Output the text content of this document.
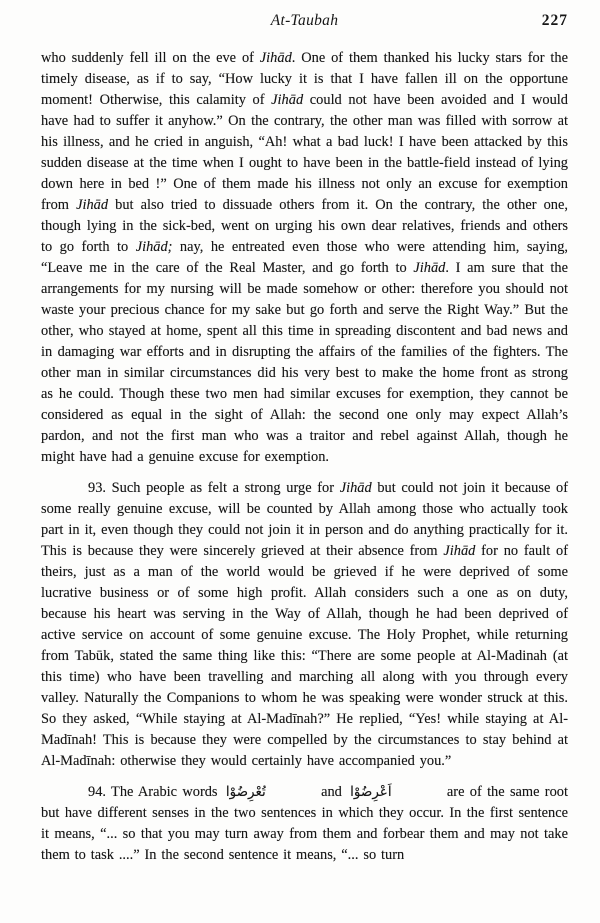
At-Taubah	227

who suddenly fell ill on the eve of Jihād. One of them thanked his lucky stars for the timely disease, as if to say, “How lucky it is that I have fallen ill on the opportune moment! Otherwise, this calamity of Jihād could not have been avoided and I would have had to suffer it anyhow.” On the contrary, the other man was filled with sorrow at his illness, and he cried in anguish, “Ah! what a bad luck! I have been attacked by this sudden disease at the time when I ought to have been in the battle-field instead of lying down here in bed !” One of them made his illness not only an excuse for exemption from Jihād but also tried to dissuade others from it. On the contrary, the other one, though lying in the sick-bed, went on urging his own dear relatives, friends and others to go forth to Jihād; nay, he entreated even those who were attending him, saying, “Leave me in the care of the Real Master, and go forth to Jihād. I am sure that the arrangements for my nursing will be made somehow or other: therefore you should not waste your precious chance for my sake but go forth and serve the Right Way.” But the other, who stayed at home, spent all this time in spreading discontent and bad news and in damaging war efforts and in disrupting the affairs of the families of the fighters. The other man in similar circumstances did his very best to make the home front as strong as he could. Though these two men had similar excuses for exemption, they cannot be considered as equal in the sight of Allah: the second one only may expect Allah’s pardon, and not the first man who was a traitor and rebel against Allah, though he might have had a genuine excuse for exemption.

93. Such people as felt a strong urge for Jihād but could not join it because of some really genuine excuse, will be counted by Allah among those who actually took part in it, even though they could not join it in person and do anything practically for it. This is because they were sincerely grieved at their absence from Jihād for no fault of theirs, just as a man of the world would be grieved if he were deprived of some lucrative business or of some high profit. Allah considers such a one as on duty, because his heart was serving in the Way of Allah, though he had been deprived of active service on account of some genuine excuse. The Holy Prophet, while returning from Tabūk, stated the same thing like this: “There are some people at Al-Madinah (at this time) who have been travelling and marching all along with you through every valley. Naturally the Companions to whom he was speaking were wonder struck at this. So they asked, “While staying at Al-Madīnah?” He replied, “Yes! while staying at Al-Madīnah! This is because they were compelled by the circumstances to stay behind at Al-Madīnah: otherwise they would certainly have accompanied you.”

94. The Arabic words تُعْرِضُوْا	and اَعْرِضُوْا	are of the same root but have different senses in the two sentences in which they occur. In the first sentence it means, “... so that you may turn away from them and forbear them and may not take them to task ....” In the second sentence it means, “... so turn
